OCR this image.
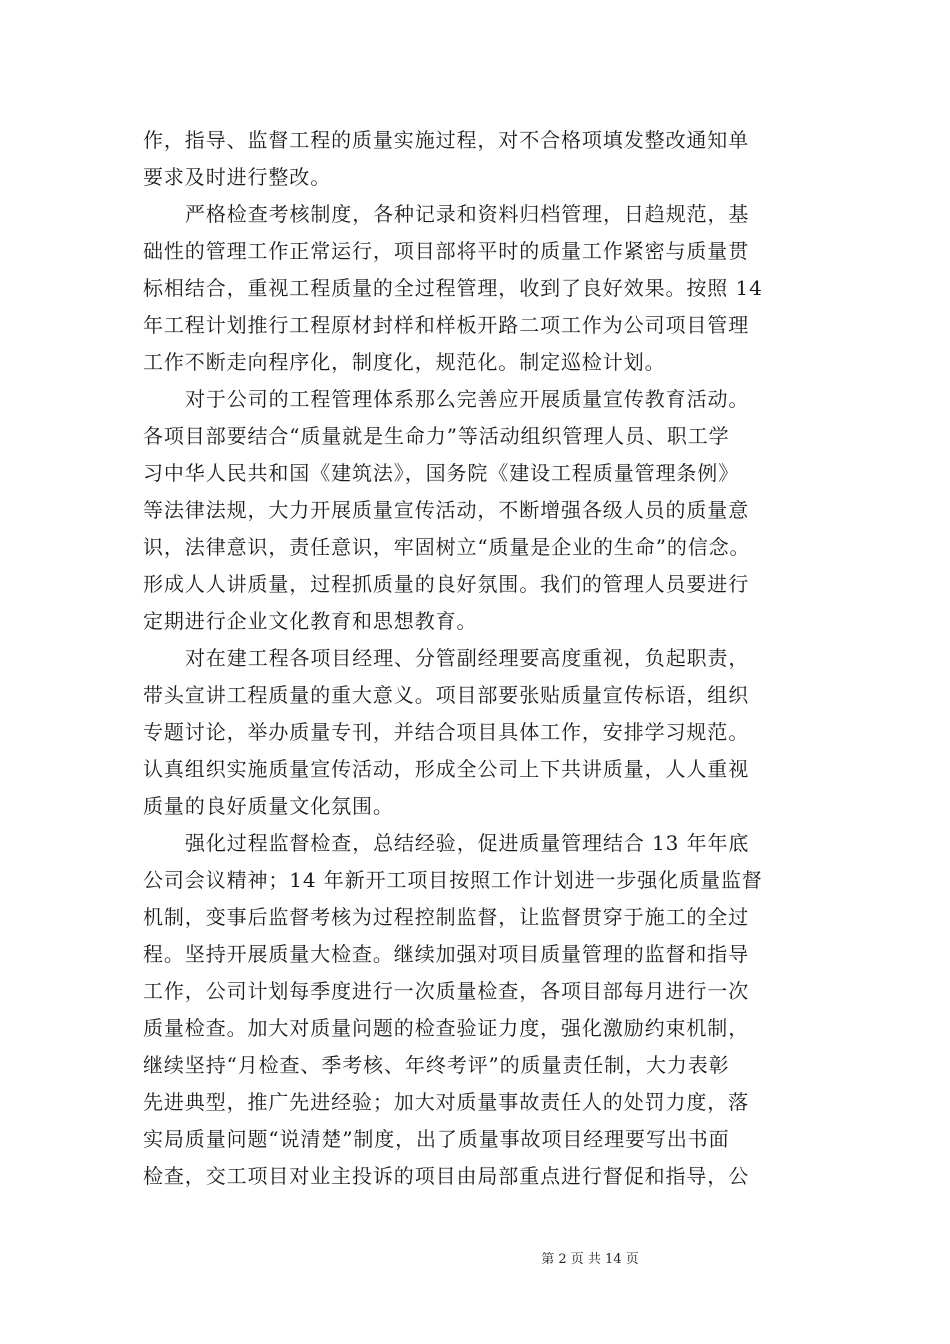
作，指导、监督工程的质量实施过程，对不合格项填发整改通知单
要求及时进行整改。
严格检查考核制度，各种记录和资料归档管理，日趋规范，基
础性的管理工作正常运行，项目部将平时的质量工作紧密与质量贯
标相结合，重视工程质量的全过程管理，收到了良好效果。按照 14
年工程计划推行工程原材封样和样板开路二项工作为公司项目管理
工作不断走向程序化，制度化，规范化。制定巡检计划。
对于公司的工程管理体系那么完善应开展质量宣传教育活动。
各项目部要结合“质量就是生命力”等活动组织管理人员、职工学
习中华人民共和国《建筑法》，国务院《建设工程质量管理条例》
等法律法规，大力开展质量宣传活动，不断增强各级人员的质量意
识，法律意识，责任意识，牢固树立“质量是企业的生命”的信念。
形成人人讲质量，过程抓质量的良好氛围。我们的管理人员要进行
定期进行企业文化教育和思想教育。
对在建工程各项目经理、分管副经理要高度重视，负起职责，
带头宣讲工程质量的重大意义。项目部要张贴质量宣传标语，组织
专题讨论，举办质量专刊，并结合项目具体工作，安排学习规范。
认真组织实施质量宣传活动，形成全公司上下共讲质量，人人重视
质量的良好质量文化氛围。
强化过程监督检查，总结经验，促进质量管理结合 13 年年底
公司会议精神；14 年新开工项目按照工作计划进一步强化质量监督
机制，变事后监督考核为过程控制监督，让监督贯穿于施工的全过
程。坚持开展质量大检查。继续加强对项目质量管理的监督和指导
工作，公司计划每季度进行一次质量检查，各项目部每月进行一次
质量检查。加大对质量问题的检查验证力度，强化激励约束机制，
继续坚持“月检查、季考核、年终考评”的质量责任制，大力表彰
先进典型，推广先进经验；加大对质量事故责任人的处罚力度，落
实局质量问题“说清楚”制度，出了质量事故项目经理要写出书面
检查，交工项目对业主投诉的项目由局部重点进行督促和指导，公
第 2 页 共 14 页
